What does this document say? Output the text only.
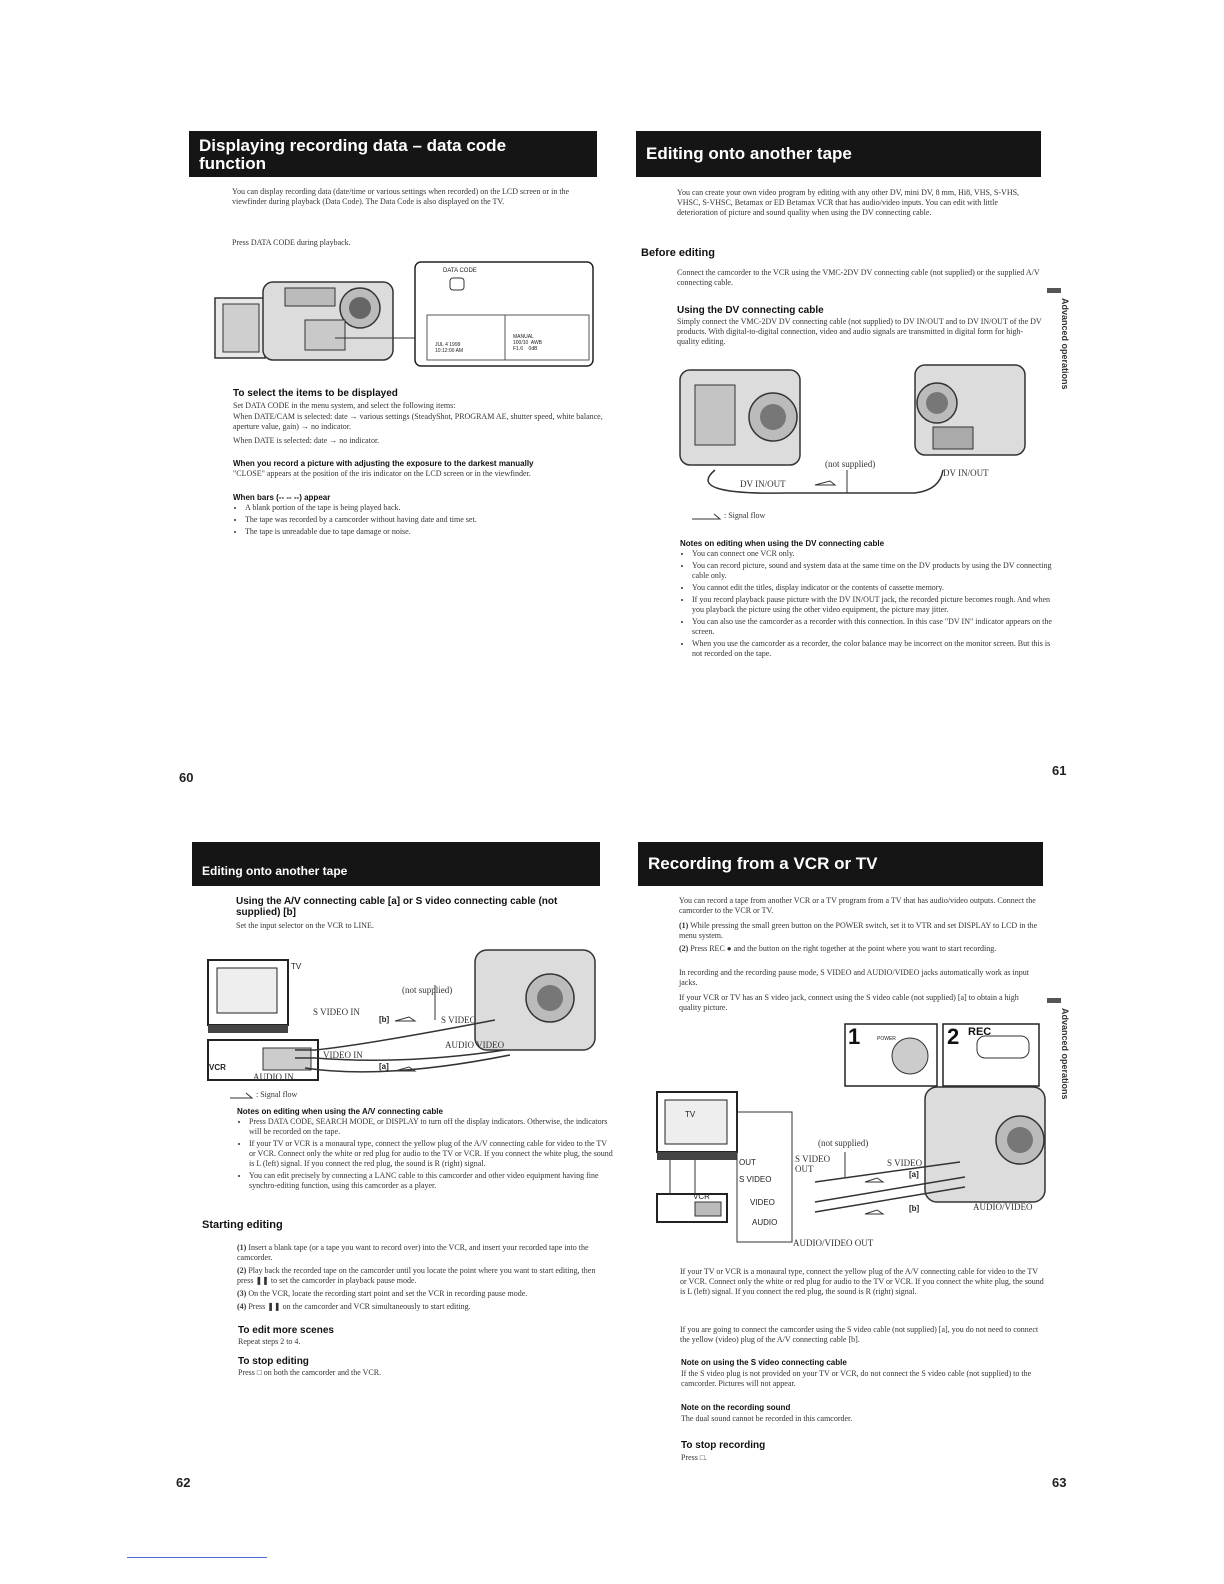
Displaying recording data – data code
function
You can display recording data (date/time or various settings when recorded) on the LCD screen or in the viewfinder during playback (Data Code). The Data Code is also displayed on the TV.
Press DATA CODE during playback.
DATA CODE
JUL 4 1999
10:12:00 AM
MANUAL
100/10  AWB
F1.6    0dB
To select the items to be displayed
Set DATA CODE in the menu system, and select the following items:
When DATE/CAM is selected: date → various settings (SteadyShot, PROGRAM AE, shutter speed, white balance, aperture value, gain) → no indicator.
When DATE is selected: date → no indicator.
When you record a picture with adjusting the exposure to the darkest manually
"CLOSE" appears at the position of the iris indicator on the LCD screen or in the viewfinder.
When bars (-- -- --) appear
• A blank portion of the tape is being played back.
• The tape was recorded by a camcorder without having date and time set.
• The tape is unreadable due to tape damage or noise.
60
Editing onto another tape
You can create your own video program by editing with any other DV, mini DV, 8 mm, Hi8, VHS, S-VHS, VHSC, S-VHSC, Betamax or ED Betamax VCR that has audio/video inputs. You can edit with little deterioration of picture and sound quality when using the DV connecting cable.
Before editing
Connect the camcorder to the VCR using the VMC-2DV DV connecting cable (not supplied) or the supplied A/V connecting cable.
Using the DV connecting cable
Simply connect the VMC-2DV DV connecting cable (not supplied) to DV IN/OUT and to DV IN/OUT of the DV products. With digital-to-digital connection, video and audio signals are transmitted in digital form for high-quality editing.
(not supplied)
DV IN/OUT
DV IN/OUT
: Signal flow
Notes on editing when using the DV connecting cable
• You can connect one VCR only.
• You can record picture, sound and system data at the same time on the DV products by using the DV connecting cable only.
• You cannot edit the titles, display indicator or the contents of cassette memory.
• If you record playback pause picture with the DV IN/OUT jack, the recorded picture becomes rough. And when you playback the picture using the other video equipment, the picture may jitter.
• You can also use the camcorder as a recorder with this connection. In this case "DV IN" indicator appears on the screen.
• When you use the camcorder as a recorder, the color balance may be incorrect on the monitor screen. But this is not recorded on the tape.
Advanced operations
61
Editing onto another tape
Using the A/V connecting cable [a] or S video connecting cable (not supplied) [b]
Set the input selector on the VCR to LINE.
TV
VCR
S VIDEO IN
VIDEO IN
AUDIO IN
(not supplied)
[b]
[a]
S VIDEO
AUDIO VIDEO
: Signal flow
Notes on editing when using the A/V connecting cable
• Press DATA CODE, SEARCH MODE, or DISPLAY to turn off the display indicators. Otherwise, the indicators will be recorded on the tape.
• If your TV or VCR is a monaural type, connect the yellow plug of the A/V connecting cable for video to the TV or VCR. Connect only the white or red plug for audio to the TV or VCR. If you connect the white plug, the sound is L (left) signal. If you connect the red plug, the sound is R (right) signal.
• You can edit precisely by connecting a LANC cable to this camcorder and other video equipment having fine synchro-editing function, using this camcorder as a player.
Starting editing
(1) Insert a blank tape (or a tape you want to record over) into the VCR, and insert your recorded tape into the camcorder.
(2) Play back the recorded tape on the camcorder until you locate the point where you want to start editing, then press ❚❚ to set the camcorder in playback pause mode.
(3) On the VCR, locate the recording start point and set the VCR in recording pause mode.
(4) Press ❚❚ on the camcorder and VCR simultaneously to start editing.
To edit more scenes
Repeat steps 2 to 4.
To stop editing
Press □ on both the camcorder and the VCR.
62
Recording from a VCR or TV
You can record a tape from another VCR or a TV program from a TV that has audio/video outputs. Connect the camcorder to the VCR or TV.
(1) While pressing the small green button on the POWER switch, set it to VTR and set DISPLAY to LCD in the menu system.
(2) Press REC ● and the button on the right together at the point where you want to start recording.
In recording and the recording pause mode, S VIDEO and AUDIO/VIDEO jacks automatically work as input jacks.
If your VCR or TV has an S video jack, connect using the S video cable (not supplied) [a] to obtain a high quality picture.
1	2
POWER
REC
TV
VCR
OUT
S VIDEO
VIDEO
AUDIO
(not supplied)
S VIDEO
OUT
S VIDEO
[a]
[b]
AUDIO/VIDEO OUT
AUDIO/VIDEO
If your TV or VCR is a monaural type, connect the yellow plug of the A/V connecting cable for video to the TV or VCR. Connect only the white or red plug for audio to the TV or VCR. If you connect the white plug, the sound is L (left) signal. If you connect the red plug, the sound is R (right) signal.
If you are going to connect the camcorder using the S video cable (not supplied) [a], you do not need to connect the yellow (video) plug of the A/V connecting cable [b].
Note on using the S video connecting cable
If the S video plug is not provided on your TV or VCR, do not connect the S video cable (not supplied) to the camcorder. Pictures will not appear.
Note on the recording sound
The dual sound cannot be recorded in this camcorder.
To stop recording
Press □.
Advanced operations
63
